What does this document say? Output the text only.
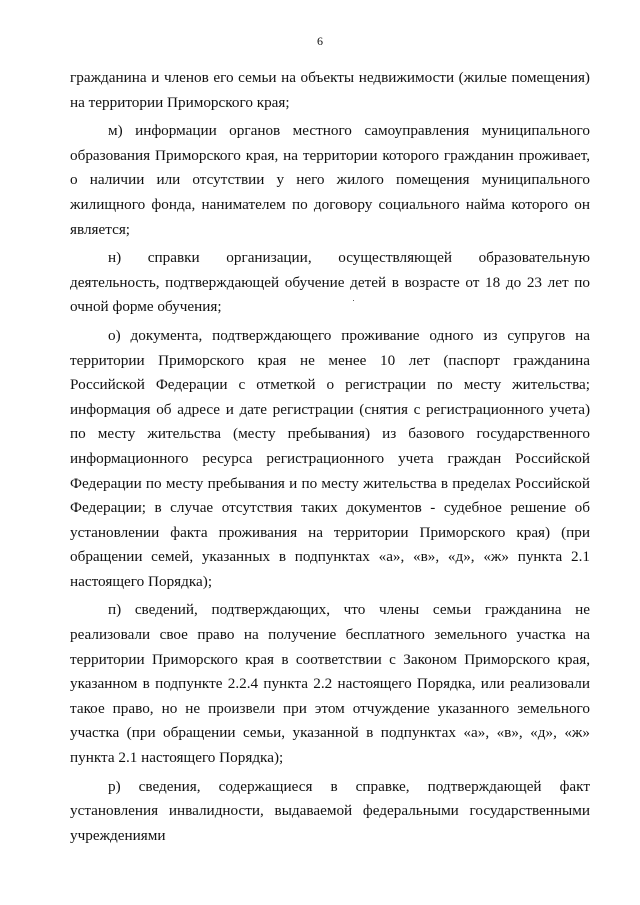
6

гражданина и членов его семьи на объекты недвижимости (жилые помещения) на территории Приморского края;

м) информации органов местного самоуправления муниципального образования Приморского края, на территории которого гражданин проживает, о наличии или отсутствии у него жилого помещения муниципального жилищного фонда, нанимателем по договору социального найма которого он является;

н) справки организации, осуществляющей образовательную деятельность, подтверждающей обучение детей в возрасте от 18 до 23 лет по очной форме обучения;

о) документа, подтверждающего проживание одного из супругов на территории Приморского края не менее 10 лет (паспорт гражданина Российской Федерации с отметкой о регистрации по месту жительства; информация об адресе и дате регистрации (снятия с регистрационного учета) по месту жительства (месту пребывания) из базового государственного информационного ресурса регистрационного учета граждан Российской Федерации по месту пребывания и по месту жительства в пределах Российской Федерации; в случае отсутствия таких документов - судебное решение об установлении факта проживания на территории Приморского края) (при обращении семей, указанных в подпунктах «а», «в», «д», «ж» пункта 2.1 настоящего Порядка);

п) сведений, подтверждающих, что члены семьи гражданина не реализовали свое право на получение бесплатного земельного участка на территории Приморского края в соответствии с Законом Приморского края, указанном в подпункте 2.2.4 пункта 2.2 настоящего Порядка, или реализовали такое право, но не произвели при этом отчуждение указанного земельного участка (при обращении семьи, указанной в подпунктах «а», «в», «д», «ж» пункта 2.1 настоящего Порядка);

р) сведения, содержащиеся в справке, подтверждающей факт установления инвалидности, выдаваемой федеральными государственными учреждениями
